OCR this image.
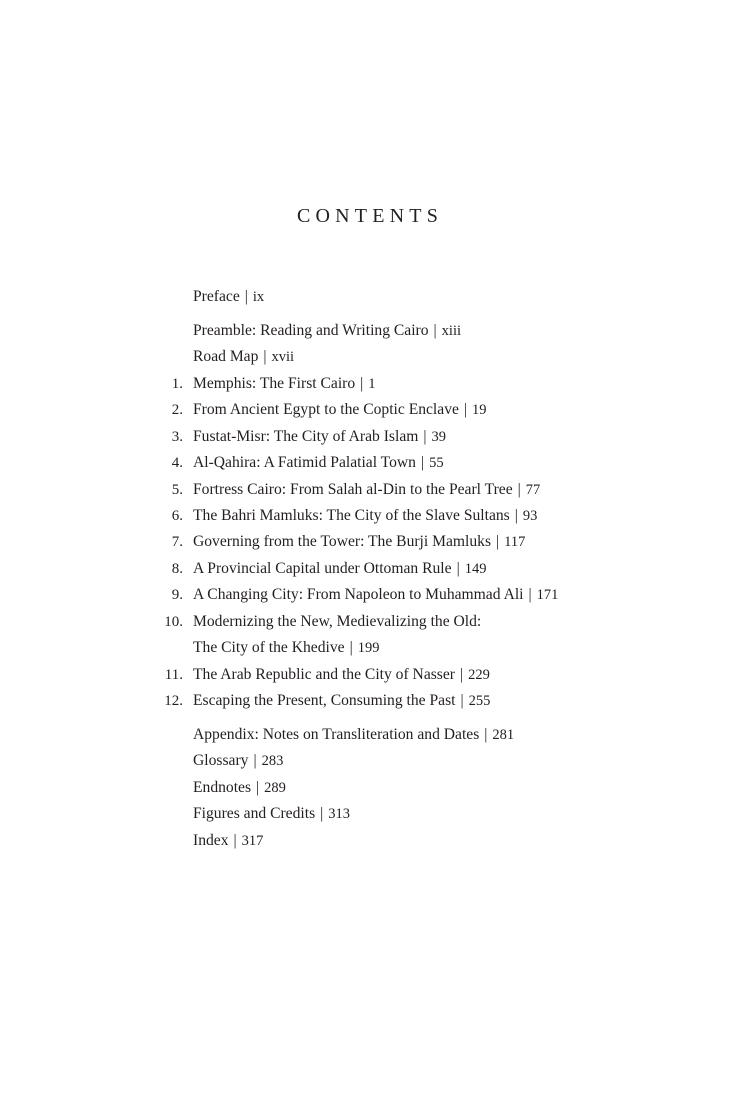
CONTENTS
Preface | ix
Preamble: Reading and Writing Cairo | xiii
Road Map | xvii
1. Memphis: The First Cairo | 1
2. From Ancient Egypt to the Coptic Enclave | 19
3. Fustat-Misr: The City of Arab Islam | 39
4. Al-Qahira: A Fatimid Palatial Town | 55
5. Fortress Cairo: From Salah al-Din to the Pearl Tree | 77
6. The Bahri Mamluks: The City of the Slave Sultans | 93
7. Governing from the Tower: The Burji Mamluks | 117
8. A Provincial Capital under Ottoman Rule | 149
9. A Changing City: From Napoleon to Muhammad Ali | 171
10. Modernizing the New, Medievalizing the Old:
The City of the Khedive | 199
11. The Arab Republic and the City of Nasser | 229
12. Escaping the Present, Consuming the Past | 255
Appendix: Notes on Transliteration and Dates | 281
Glossary | 283
Endnotes | 289
Figures and Credits | 313
Index | 317
